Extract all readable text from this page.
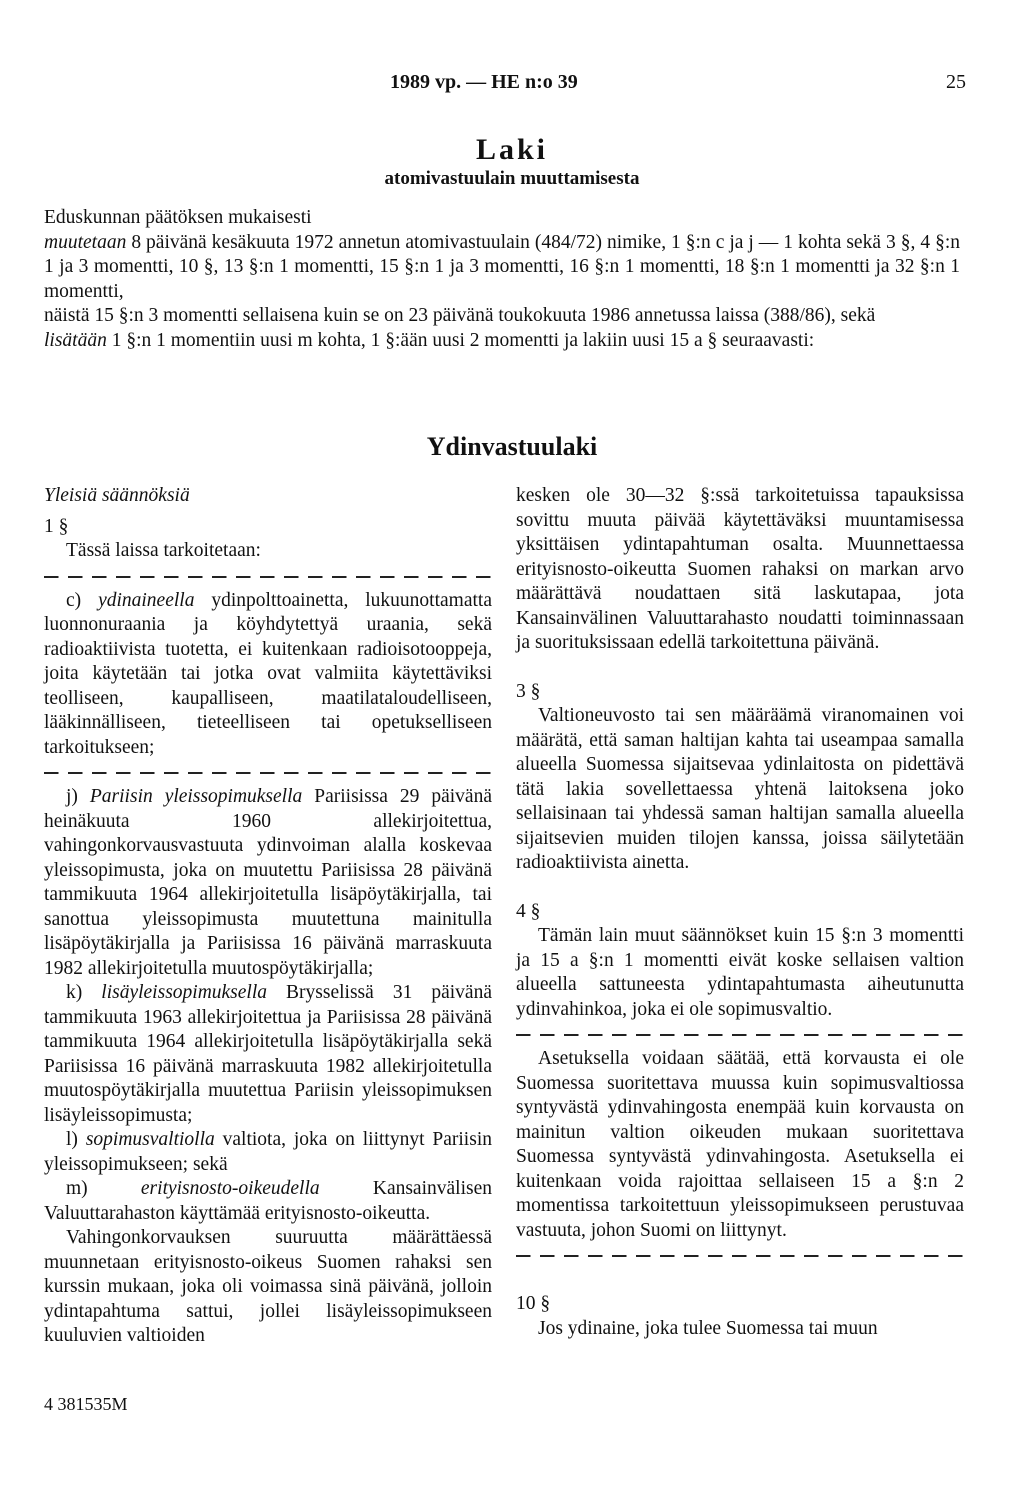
1989 vp. — HE n:o 39	25
Laki
atomivastuulain muuttamisesta

Eduskunnan päätöksen mukaisesti

muutetaan 8 päivänä kesäkuuta 1972 annetun atomivastuulain (484/72) nimike, 1 §:n c ja j — 1 kohta sekä 3 §, 4 §:n 1 ja 3 momentti, 10 §, 13 §:n 1 momentti, 15 §:n 1 ja 3 momentti, 16 §:n 1 momentti, 18 §:n 1 momentti ja 32 §:n 1 momentti,

näistä 15 §:n 3 momentti sellaisena kuin se on 23 päivänä toukokuuta 1986 annetussa laissa (388/86), sekä

lisätään 1 §:n 1 momentiin uusi m kohta, 1 §:ään uusi 2 momentti ja lakiin uusi 15 a § seuraavasti:

Ydinvastuulaki

Yleisiä säännöksiä

1 §

Tässä laissa tarkoitetaan:

c) ydinaineella ydinpolttoainetta, lukuunottamatta luonnonuraania ja köyhdytettyä uraania, sekä radioaktiivista tuotetta, ei kuitenkaan radioisotooppeja, joita käytetään tai jotka ovat valmiita käytettäviksi teolliseen, kaupalliseen, maatilataloudelliseen, lääkinnälliseen, tieteelliseen tai opetukselliseen tarkoitukseen;

j) Pariisin yleissopimuksella Pariisissa 29 päivänä heinäkuuta 1960 allekirjoitettua, vahingonkorvausvastuuta ydinvoiman alalla koskevaa yleissopimusta, joka on muutettu Pariisissa 28 päivänä tammikuuta 1964 allekirjoitetulla lisäpöytäkirjalla, tai sanottua yleissopimusta muutettuna mainitulla lisäpöytäkirjalla ja Pariisissa 16 päivänä marraskuuta 1982 allekirjoitetulla muutospöytäkirjalla;

k) lisäyleissopimuksella Brysselissä 31 päivänä tammikuuta 1963 allekirjoitettua ja Pariisissa 28 päivänä tammikuuta 1964 allekirjoitetulla lisäpöytäkirjalla sekä Pariisissa 16 päivänä marraskuuta 1982 allekirjoitetulla muutospöytäkirjalla muutettua Pariisin yleissopimuksen lisäyleissopimusta;

l) sopimusvaltiolla valtiota, joka on liittynyt Pariisin yleissopimukseen; sekä

m) erityisnosto-oikeudella Kansainvälisen Valuuttarahaston käyttämää erityisnosto-oikeutta.

Vahingonkorvauksen suuruutta määrättäessä muunnetaan erityisnosto-oikeus Suomen rahaksi sen kurssin mukaan, joka oli voimassa sinä päivänä, jolloin ydintapahtuma sattui, jollei lisäyleissopimukseen kuuluvien valtioiden

kesken ole 30—32 §:ssä tarkoitetuissa tapauksissa sovittu muuta päivää käytettäväksi muuntamisessa yksittäisen ydintapahtuman osalta. Muunnettaessa erityisnosto-oikeutta Suomen rahaksi on markan arvo määrättävä noudattaen sitä laskutapaa, jota Kansainvälinen Valuuttarahasto noudatti toiminnassaan ja suorituksissaan edellä tarkoitettuna päivänä.

3 §

Valtioneuvosto tai sen määräämä viranomainen voi määrätä, että saman haltijan kahta tai useampaa samalla alueella Suomessa sijaitsevaa ydinlaitosta on pidettävä tätä lakia sovellettaessa yhtenä laitoksena joko sellaisinaan tai yhdessä saman haltijan samalla alueella sijaitsevien muiden tilojen kanssa, joissa säilytetään radioaktiivista ainetta.

4 §

Tämän lain muut säännökset kuin 15 §:n 3 momentti ja 15 a §:n 1 momentti eivät koske sellaisen valtion alueella sattuneesta ydintapahtumasta aiheutunutta ydinvahinkoa, joka ei ole sopimusvaltio.

Asetuksella voidaan säätää, että korvausta ei ole Suomessa suoritettava muussa kuin sopimusvaltiossa syntyvästä ydinvahingosta enempää kuin korvausta on mainitun valtion oikeuden mukaan suoritettava Suomessa syntyvästä ydinvahingosta. Asetuksella ei kuitenkaan voida rajoittaa sellaiseen 15 a §:n 2 momentissa tarkoitettuun yleissopimukseen perustuvaa vastuuta, johon Suomi on liittynyt.

10 §

Jos ydinaine, joka tulee Suomessa tai muun

4 381535M
